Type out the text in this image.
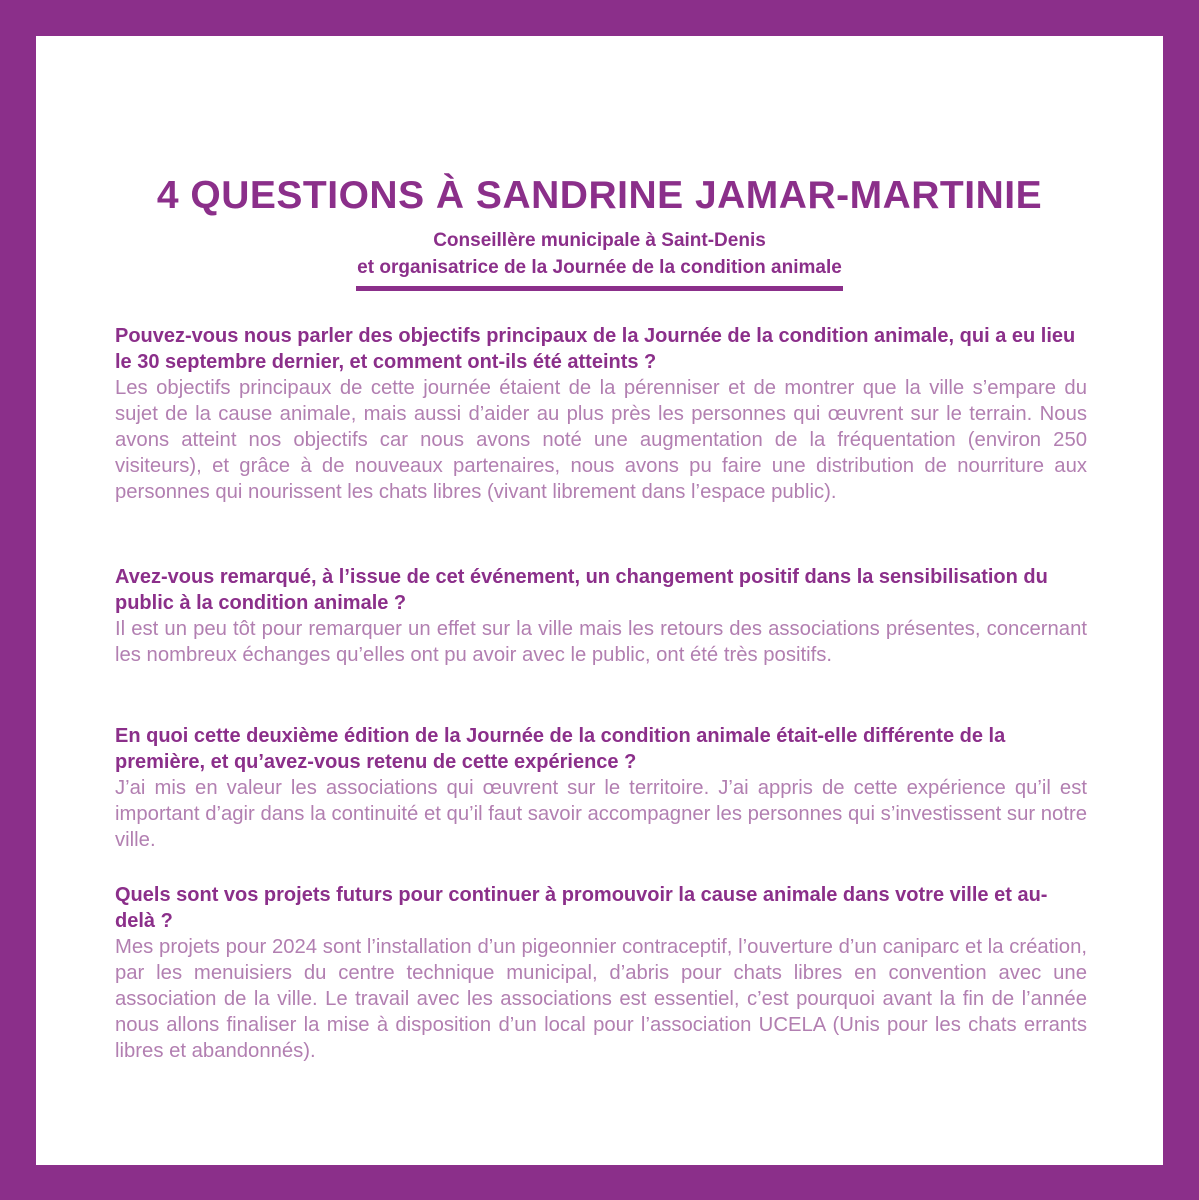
4 QUESTIONS À SANDRINE JAMAR-MARTINIE
Conseillère municipale à Saint-Denis
et organisatrice de la Journée de la condition animale

Pouvez-vous nous parler des objectifs principaux de la Journée de la condition animale, qui a eu lieu le 30 septembre dernier, et comment ont-ils été atteints ?

Les objectifs principaux de cette journée étaient de la pérenniser et de montrer que la ville s’empare du sujet de la cause animale, mais aussi d’aider au plus près les personnes qui œuvrent sur le terrain. Nous avons atteint nos objectifs car nous avons noté une augmentation de la fréquentation (environ 250 visiteurs), et grâce à de nouveaux partenaires, nous avons pu faire une distribution de nourriture aux personnes qui nourissent les chats libres (vivant librement dans l’espace public).

Avez-vous remarqué, à l’issue de cet événement, un changement positif dans la sensibilisation du public à la condition animale ?

Il est un peu tôt pour remarquer un effet sur la ville mais les retours des associations présentes, concernant les nombreux échanges qu’elles ont pu avoir avec le public, ont été très positifs.

En quoi cette deuxième édition de la Journée de la condition animale était-elle différente de la première, et qu’avez-vous retenu de cette expérience ?

J’ai mis en valeur les associations qui œuvrent sur le territoire. J’ai appris de cette expérience qu’il est important d’agir dans la continuité et qu’il faut savoir accompagner les personnes qui s’investissent sur notre ville.

Quels sont vos projets futurs pour continuer à promouvoir la cause animale dans votre ville et au-delà ?

Mes projets pour 2024 sont l’installation d’un pigeonnier contraceptif, l’ouverture d’un caniparc et la création, par les menuisiers du centre technique municipal, d’abris pour chats libres en convention avec une association de la ville. Le travail avec les associations est essentiel, c’est pourquoi avant la fin de l’année nous allons finaliser la mise à disposition d’un local pour l’association UCELA (Unis pour les chats errants libres et abandonnés).
